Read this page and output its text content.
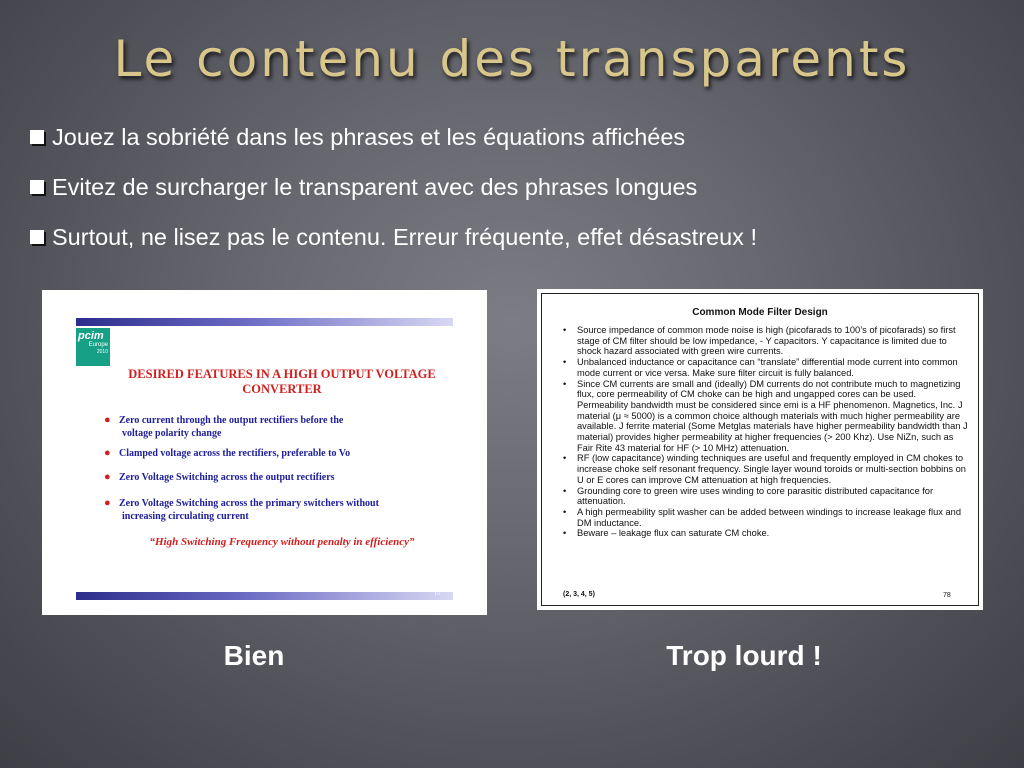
Le contenu des transparents
Jouez la sobriété dans les phrases et les équations affichées
Evitez de surcharger le transparent avec des phrases longues
Surtout, ne lisez pas le contenu. Erreur fréquente, effet désastreux !
pcim
Europe
2010

DESIRED FEATURES IN A HIGH OUTPUT VOLTAGE
CONVERTER

● Zero current through the output rectifiers before the
voltage polarity change
● Clamped voltage across the rectifiers, preferable to Vo
● Zero Voltage Switching across the output rectifiers
● Zero Voltage Switching across the primary switchers without
increasing circulating current
“High Switching Frequency without penalty in efficiency”
15

Common Mode Filter Design

• Source impedance of common mode noise is high (picofarads to 100’s of picofarads) so first stage of CM filter should be low impedance, - Y capacitors. Y capacitance is limited due to shock hazard associated with green wire currents.
• Unbalanced inductance or capacitance can “translate” differential mode current into common mode current or vice versa. Make sure filter circuit is fully balanced.
• Since CM currents are small and (ideally) DM currents do not contribute much to magnetizing flux, core permeability of CM choke can be high and ungapped cores can be used. Permeability bandwidth must be considered since emi is a HF phenomenon. Magnetics, Inc. J material (μ ≈ 5000) is a common choice although materials with much higher permeability are available. J ferrite material (Some Metglas materials have higher permeability bandwidth than J material) provides higher permeability at higher frequencies (> 200 Khz). Use NiZn, such as Fair Rite 43 material for HF (> 10 MHz) attenuation.
• RF (low capacitance) winding techniques are useful and frequently employed in CM chokes to increase choke self resonant frequency. Single layer wound toroids or multi-section bobbins on U or E cores can improve CM attenuation at high frequencies.
• Grounding core to green wire uses winding to core parasitic distributed capacitance for attenuation.
• A high permeability split washer can be added between windings to increase leakage flux and DM inductance.
• Beware – leakage flux can saturate CM choke.
(2, 3, 4, 5)	78
Bien	Trop lourd !
